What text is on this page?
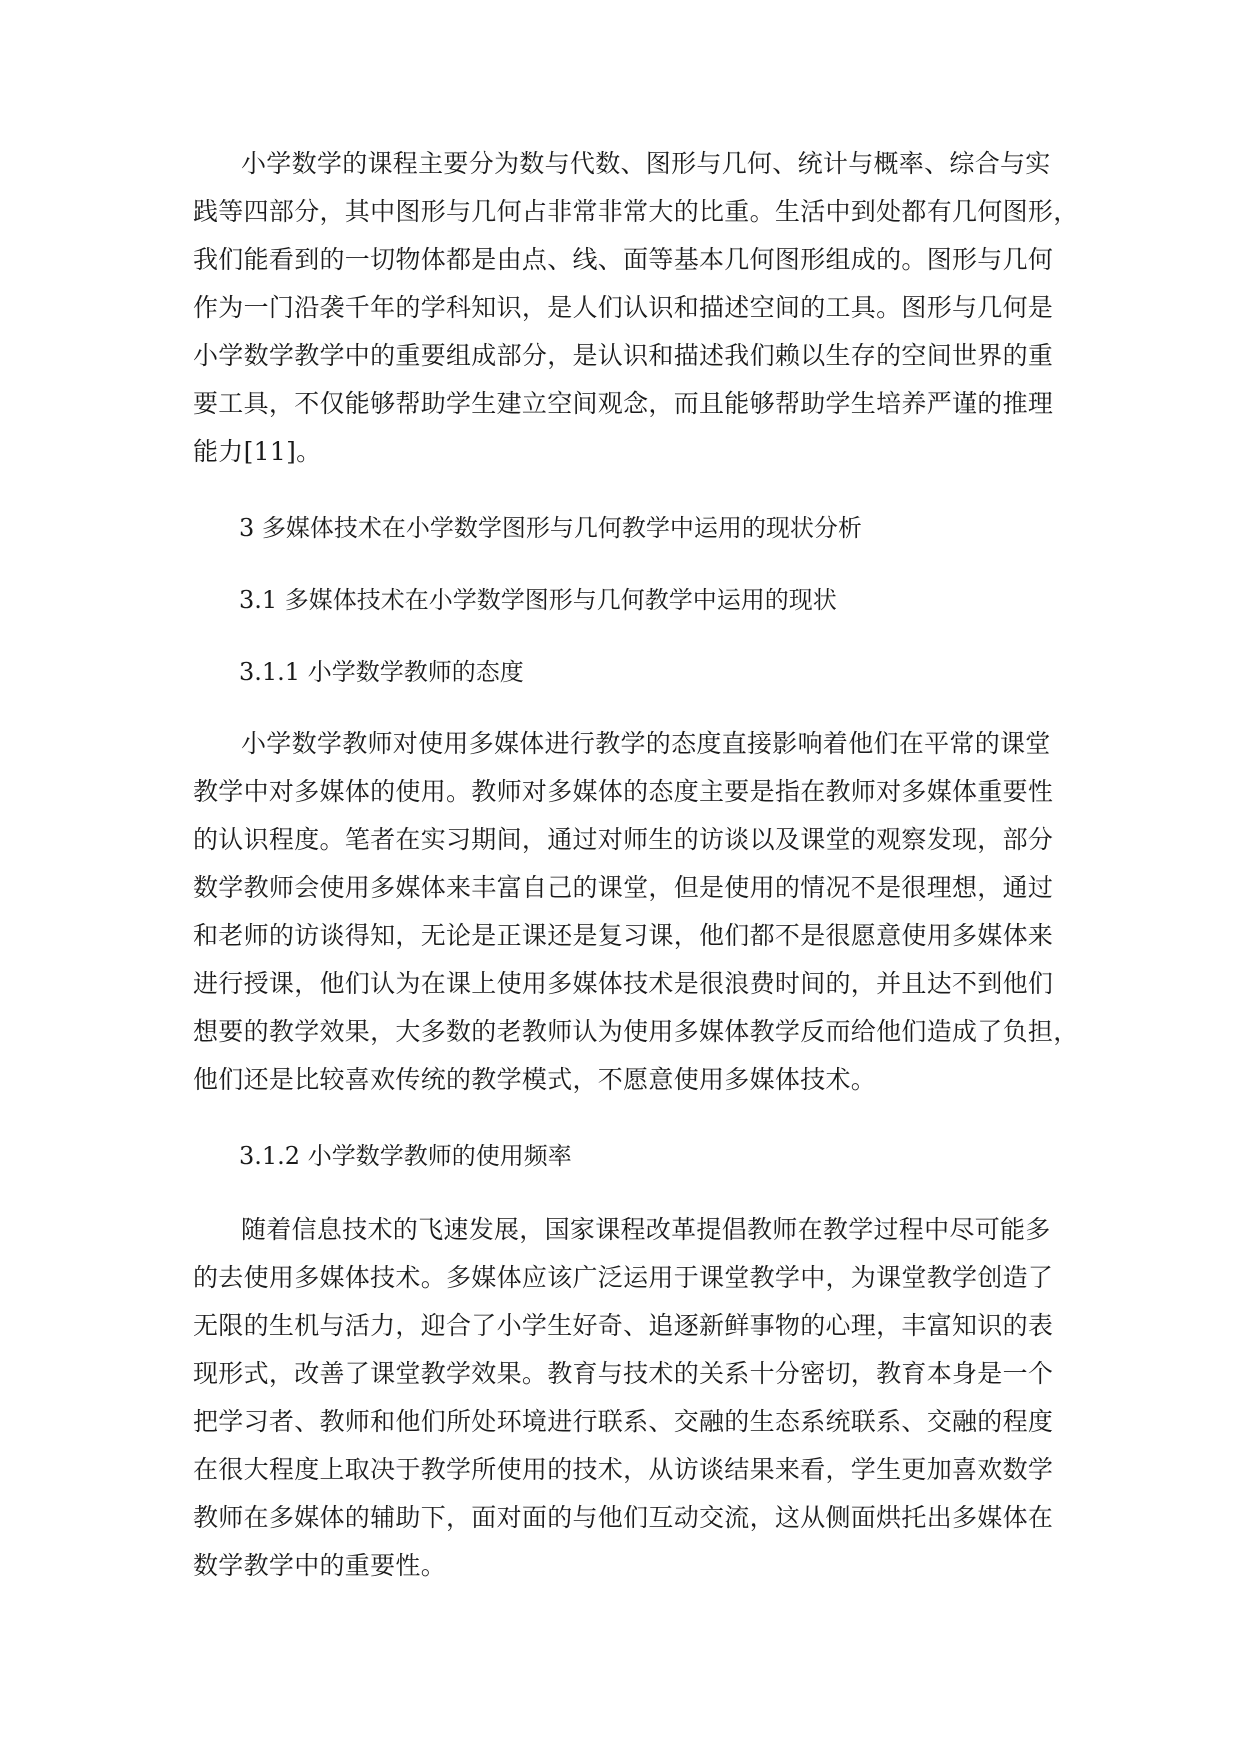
小学数学的课程主要分为数与代数、图形与几何、统计与概率、综合与实
践等四部分，其中图形与几何占非常非常大的比重。生活中到处都有几何图形，
我们能看到的一切物体都是由点、线、面等基本几何图形组成的。图形与几何
作为一门沿袭千年的学科知识，是人们认识和描述空间的工具。图形与几何是
小学数学教学中的重要组成部分，是认识和描述我们赖以生存的空间世界的重
要工具，不仅能够帮助学生建立空间观念，而且能够帮助学生培养严谨的推理
能力[11]。
3 多媒体技术在小学数学图形与几何教学中运用的现状分析
3.1 多媒体技术在小学数学图形与几何教学中运用的现状
3.1.1 小学数学教师的态度
小学数学教师对使用多媒体进行教学的态度直接影响着他们在平常的课堂
教学中对多媒体的使用。教师对多媒体的态度主要是指在教师对多媒体重要性
的认识程度。笔者在实习期间，通过对师生的访谈以及课堂的观察发现，部分
数学教师会使用多媒体来丰富自己的课堂，但是使用的情况不是很理想，通过
和老师的访谈得知，无论是正课还是复习课，他们都不是很愿意使用多媒体来
进行授课，他们认为在课上使用多媒体技术是很浪费时间的，并且达不到他们
想要的教学效果，大多数的老教师认为使用多媒体教学反而给他们造成了负担，
他们还是比较喜欢传统的教学模式，不愿意使用多媒体技术。
3.1.2 小学数学教师的使用频率
随着信息技术的飞速发展，国家课程改革提倡教师在教学过程中尽可能多
的去使用多媒体技术。多媒体应该广泛运用于课堂教学中，为课堂教学创造了
无限的生机与活力，迎合了小学生好奇、追逐新鲜事物的心理，丰富知识的表
现形式，改善了课堂教学效果。教育与技术的关系十分密切，教育本身是一个
把学习者、教师和他们所处环境进行联系、交融的生态系统联系、交融的程度
在很大程度上取决于教学所使用的技术，从访谈结果来看，学生更加喜欢数学
教师在多媒体的辅助下，面对面的与他们互动交流，这从侧面烘托出多媒体在
数学教学中的重要性。
